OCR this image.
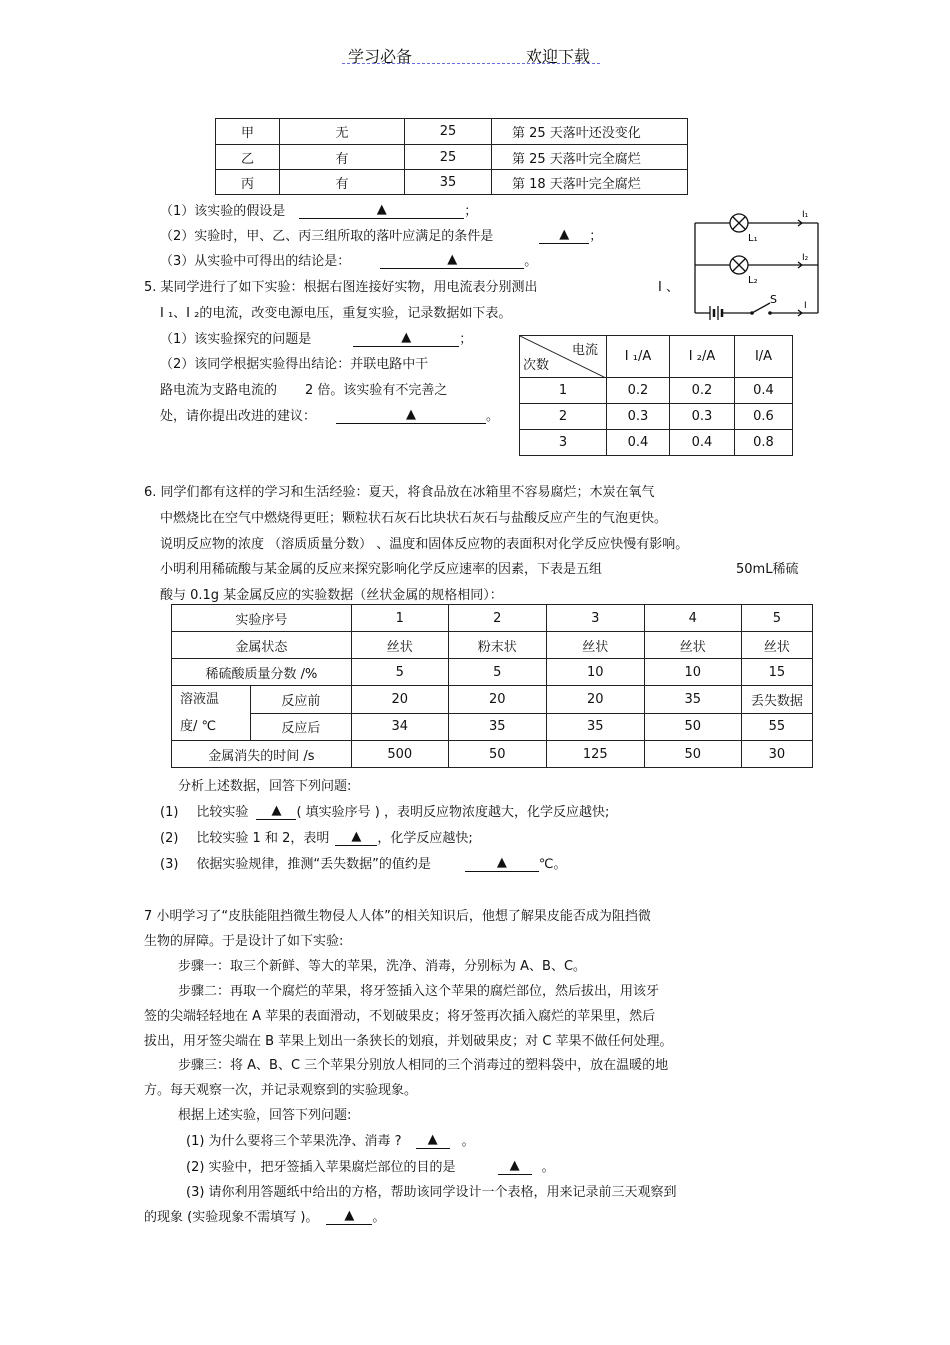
学习必备	欢迎下载
甲	无	25	第 25 天落叶还没变化
乙	有	25	第 25 天落叶完全腐烂
丙	有	35	第 18 天落叶完全腐烂
（1）该实验的假设是	▲	；
（2）实验时，甲、乙、丙三组所取的落叶应满足的条件是	▲ ；
（3）从实验中可得出的结论是：	▲	。
I₁
I₂
I
L₁
L₂
S
5. 某同学进行了如下实验：根据右图连接好实物，用电流表分别测出	I 、
I ₁、I ₂的电流，改变电源电压，重复实验，记录数据如下表。
（1）该实验探究的问题是	▲	；
（2）该同学根据实验得出结论：并联电路中干
路电流为支路电流的 2 倍。该实验有不完善之
处，请你提出改进的建议：	▲	。
电流
次数	I ₁/A	I ₂/A	I/A
1	0.2	0.2	0.4
2	0.3	0.3	0.6
3	0.4	0.4	0.8
6. 同学们都有这样的学习和生活经验：夏天，将食品放在冰箱里不容易腐烂；木炭在氧气
中燃烧比在空气中燃烧得更旺；颗粒状石灰石比块状石灰石与盐酸反应产生的气泡更快。
说明反应物的浓度 （溶质质量分数） 、温度和固体反应物的表面积对化学反应快慢有影响。
小明利用稀硫酸与某金属的反应来探究影响化学反应速率的因素，下表是五组	50mL稀硫
酸与 0.1g 某金属反应的实验数据（丝状金属的规格相同）：
实验序号		1	2	3	4	5
金属状态		丝状	粉末状	丝状	丝状	丝状
稀硫酸质量分数 /%		5	5	10	10	15

溶液温
度/ ℃	反应前	20	20	20	35	丢失数据
	反应后	34	35	35	50	55
金属消失的时间 /s		500	50	125	50	30
分析上述数据，回答下列问题:
(1) 比较实验 ▲ ( 填实验序号 ) ，表明反应物浓度越大，化学反应越快;
(2) 比较实验 1 和 2，表明 ▲ ，化学反应越快;
(3) 依据实验规律，推测“丢失数据”的值约是	▲ ℃。
7 小明学习了“皮肤能阻挡微生物侵人人体”的相关知识后，他想了解果皮能否成为阻挡微
生物的屏障。于是设计了如下实验:
步骤一：取三个新鲜、等大的苹果，洗净、消毒，分别标为 A、B、C。
步骤二：再取一个腐烂的苹果，将牙签插入这个苹果的腐烂部位，然后拔出，用该牙
签的尖端轻轻地在 A 苹果的表面滑动，不划破果皮；将牙签再次插入腐烂的苹果里，然后
拔出，用牙签尖端在 B 苹果上划出一条狭长的划痕，并划破果皮；对 C 苹果不做任何处理。
步骤三：将 A、B、C 三个苹果分别放人相同的三个消毒过的塑料袋中，放在温暖的地
方。每天观察一次，并记录观察到的实验现象。
根据上述实验，回答下列问题:
(1) 为什么要将三个苹果洗净、消毒 ? ▲ 。
(2) 实验中，把牙签插入苹果腐烂部位的目的是	▲ 。
(3) 请你利用答题纸中给出的方格，帮助该同学设计一个表格，用来记录前三天观察到
的现象 (实验现象不需填写 )。 ▲ 。
